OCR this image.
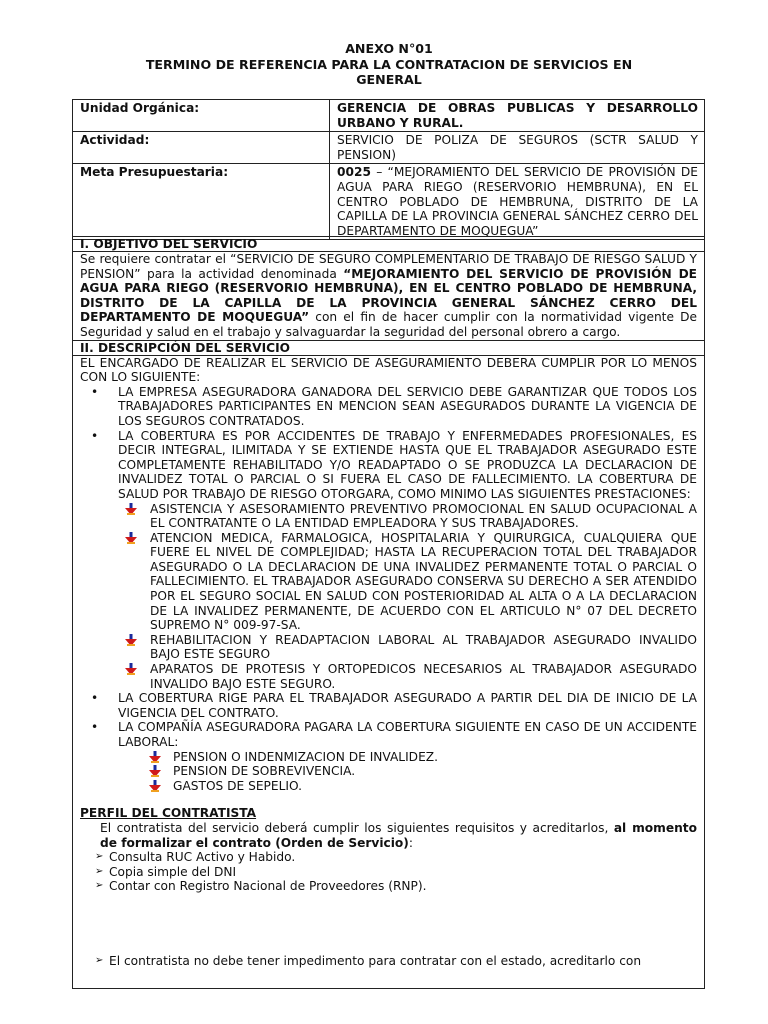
ANEXO N°01
TERMINO DE REFERENCIA PARA LA CONTRATACION DE SERVICIOS EN
GENERAL
Unidad Orgánica:	GERENCIA DE OBRAS PUBLICAS Y DESARROLLO URBANO Y RURAL.
Actividad:	SERVICIO DE POLIZA DE SEGUROS (SCTR SALUD Y PENSION)
Meta Presupuestaria:	0025 – “MEJORAMIENTO DEL SERVICIO DE PROVISIÓN DE AGUA PARA RIEGO (RESERVORIO HEMBRUNA), EN EL CENTRO POBLADO DE HEMBRUNA, DISTRITO DE LA CAPILLA DE LA PROVINCIA GENERAL SÁNCHEZ CERRO DEL DEPARTAMENTO DE MOQUEGUA”
I. OBJETIVO DEL SERVICIO
Se requiere contratar el “SERVICIO DE SEGURO COMPLEMENTARIO DE TRABAJO DE RIESGO SALUD Y PENSION” para la actividad denominada “MEJORAMIENTO DEL SERVICIO DE PROVISIÓN DE AGUA PARA RIEGO (RESERVORIO HEMBRUNA), EN EL CENTRO POBLADO DE HEMBRUNA, DISTRITO DE LA CAPILLA DE LA PROVINCIA GENERAL SÁNCHEZ CERRO DEL DEPARTAMENTO DE MOQUEGUA” con el fin de hacer cumplir con la normatividad vigente De Seguridad y salud en el trabajo y salvaguardar la seguridad del personal obrero a cargo.
II. DESCRIPCIÓN DEL SERVICIO
EL ENCARGADO DE REALIZAR EL SERVICIO DE ASEGURAMIENTO DEBERA CUMPLIR POR LO MENOS CON LO SIGUIENTE:
• LA EMPRESA ASEGURADORA GANADORA DEL SERVICIO DEBE GARANTIZAR QUE TODOS LOS TRABAJADORES PARTICIPANTES EN MENCION SEAN ASEGURADOS DURANTE LA VIGENCIA DE LOS SEGUROS CONTRATADOS.
• LA COBERTURA ES POR ACCIDENTES DE TRABAJO Y ENFERMEDADES PROFESIONALES, ES DECIR INTEGRAL, ILIMITADA Y SE EXTIENDE HASTA QUE EL TRABAJADOR ASEGURADO ESTE COMPLETAMENTE REHABILITADO Y/O READAPTADO O SE PRODUZCA LA DECLARACION DE INVALIDEZ TOTAL O PARCIAL O SI FUERA EL CASO DE FALLECIMIENTO. LA COBERTURA DE SALUD POR TRABAJO DE RIESGO OTORGARA, COMO MINIMO LAS SIGUIENTES PRESTACIONES:
ASISTENCIA Y ASESORAMIENTO PREVENTIVO PROMOCIONAL EN SALUD OCUPACIONAL A EL CONTRATANTE O LA ENTIDAD EMPLEADORA Y SUS TRABAJADORES.
ATENCION MEDICA, FARMALOGICA, HOSPITALARIA Y QUIRURGICA, CUALQUIERA QUE FUERE EL NIVEL DE COMPLEJIDAD; HASTA LA RECUPERACION TOTAL DEL TRABAJADOR ASEGURADO O LA DECLARACION DE UNA INVALIDEZ PERMANENTE TOTAL O PARCIAL O FALLECIMIENTO. EL TRABAJADOR ASEGURADO CONSERVA SU DERECHO A SER ATENDIDO POR EL SEGURO SOCIAL EN SALUD CON POSTERIORIDAD AL ALTA O A LA DECLARACION DE LA INVALIDEZ PERMANENTE, DE ACUERDO CON EL ARTICULO N° 07 DEL DECRETO SUPREMO N° 009-97-SA.
REHABILITACION Y READAPTACION LABORAL AL TRABAJADOR ASEGURADO INVALIDO BAJO ESTE SEGURO
APARATOS DE PROTESIS Y ORTOPEDICOS NECESARIOS AL TRABAJADOR ASEGURADO INVALIDO BAJO ESTE SEGURO.
• LA COBERTURA RIGE PARA EL TRABAJADOR ASEGURADO A PARTIR DEL DIA DE INICIO DE LA VIGENCIA DEL CONTRATO.
• LA COMPAÑÍA ASEGURADORA PAGARA LA COBERTURA SIGUIENTE EN CASO DE UN ACCIDENTE LABORAL:
PENSION O INDENMIZACION DE INVALIDEZ.
PENSION DE SOBREVIVENCIA.
GASTOS DE SEPELIO.
PERFIL DEL CONTRATISTA
El contratista del servicio deberá cumplir los siguientes requisitos y acreditarlos, al momento de formalizar el contrato (Orden de Servicio):
➢ Consulta RUC Activo y Habido.
➢ Copia simple del DNI
➢ Contar con Registro Nacional de Proveedores (RNP).
➢ El contratista no debe tener impedimento para contratar con el estado, acreditarlo con
